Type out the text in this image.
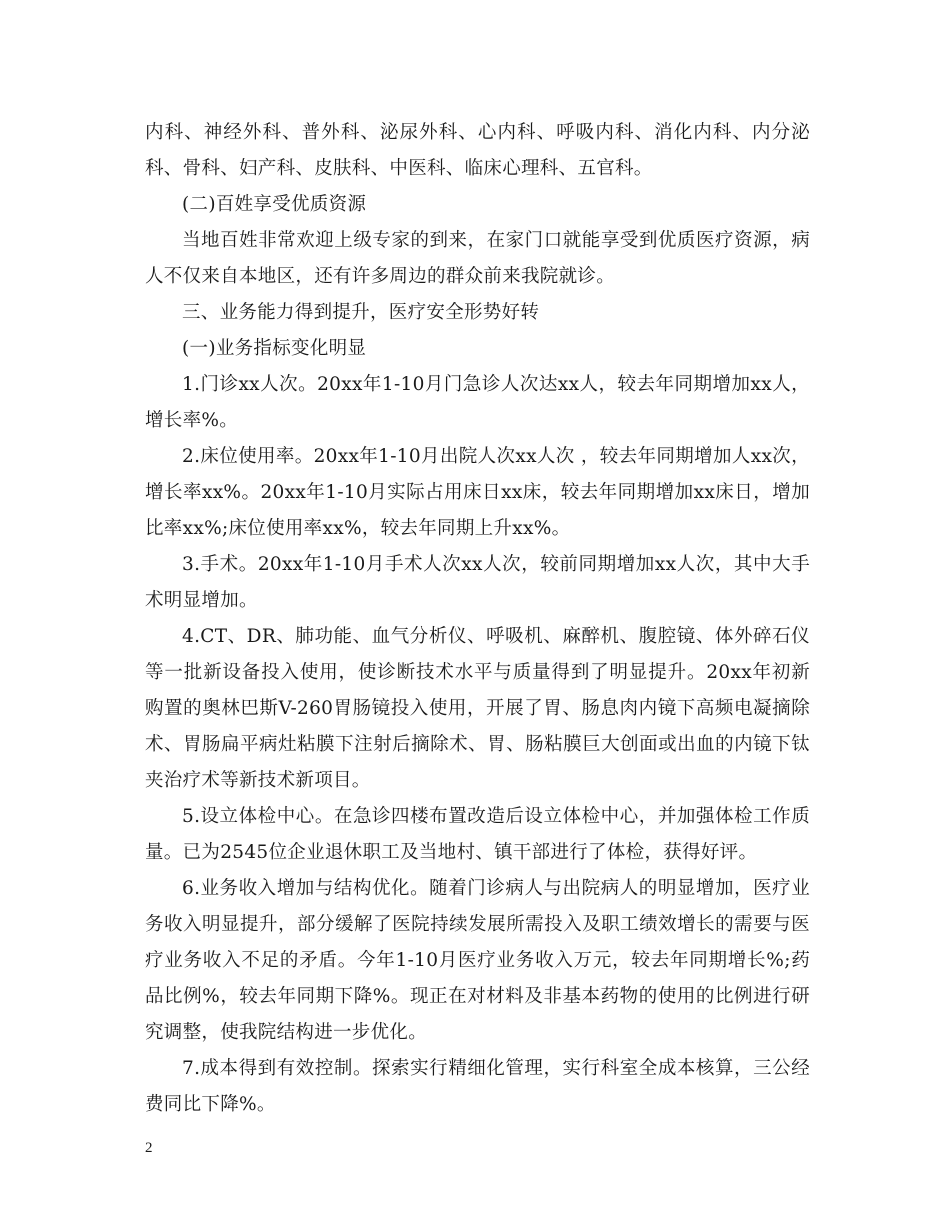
内科、神经外科、普外科、泌尿外科、心内科、呼吸内科、消化内科、内分泌科、骨科、妇产科、皮肤科、中医科、临床心理科、五官科。

(二)百姓享受优质资源

当地百姓非常欢迎上级专家的到来，在家门口就能享受到优质医疗资源，病人不仅来自本地区，还有许多周边的群众前来我院就诊。

三、业务能力得到提升，医疗安全形势好转

(一)业务指标变化明显

1.门诊xx人次。20xx年1-10月门急诊人次达xx人，较去年同期增加xx人，增长率%。

2.床位使用率。20xx年1-10月出院人次xx人次 ，较去年同期增加人xx次，增长率xx%。20xx年1-10月实际占用床日xx床，较去年同期增加xx床日，增加比率xx%;床位使用率xx%，较去年同期上升xx%。

3.手术。20xx年1-10月手术人次xx人次，较前同期增加xx人次，其中大手术明显增加。

4.CT、DR、肺功能、血气分析仪、呼吸机、麻醉机、腹腔镜、体外碎石仪等一批新设备投入使用，使诊断技术水平与质量得到了明显提升。20xx年初新购置的奥林巴斯V-260胃肠镜投入使用，开展了胃、肠息肉内镜下高频电凝摘除术、胃肠扁平病灶粘膜下注射后摘除术、胃、肠粘膜巨大创面或出血的内镜下钛夹治疗术等新技术新项目。

5.设立体检中心。在急诊四楼布置改造后设立体检中心，并加强体检工作质量。已为2545位企业退休职工及当地村、镇干部进行了体检，获得好评。

6.业务收入增加与结构优化。随着门诊病人与出院病人的明显增加，医疗业务收入明显提升，部分缓解了医院持续发展所需投入及职工绩效增长的需要与医疗业务收入不足的矛盾。今年1-10月医疗业务收入万元，较去年同期增长%;药品比例%，较去年同期下降%。现正在对材料及非基本药物的使用的比例进行研究调整，使我院结构进一步优化。

7.成本得到有效控制。探索实行精细化管理，实行科室全成本核算，三公经费同比下降%。

2
